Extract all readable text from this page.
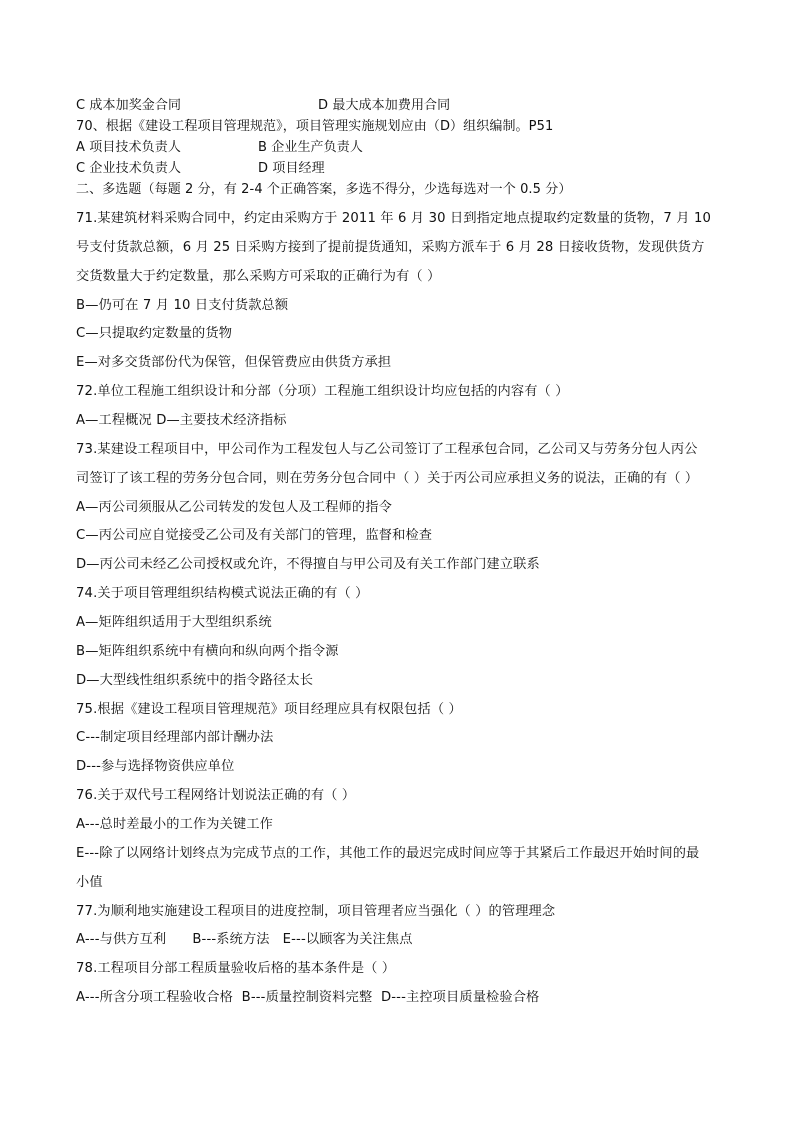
C 成本加奖金合同	D 最大成本加费用合同
70、根据《建设工程项目管理规范》，项目管理实施规划应由（D）组织编制。P51
A 项目技术负责人	B 企业生产负责人
C 企业技术负责人	D 项目经理
二、多选题（每题 2 分，有 2-4 个正确答案，多选不得分，少选每选对一个 0.5 分）
71.某建筑材料采购合同中，约定由采购方于 2011 年 6 月 30 日到指定地点提取约定数量的货物，7 月 10
号支付货款总额，6 月 25 日采购方接到了提前提货通知，采购方派车于 6 月 28 日接收货物，发现供货方
交货数量大于约定数量，那么采购方可采取的正确行为有（ ）
B—仍可在 7 月 10 日支付货款总额
C—只提取约定数量的货物
E—对多交货部份代为保管，但保管费应由供货方承担
72.单位工程施工组织设计和分部（分项）工程施工组织设计均应包括的内容有（ ）
A—工程概况 D—主要技术经济指标
73.某建设工程项目中，甲公司作为工程发包人与乙公司签订了工程承包合同，乙公司又与劳务分包人丙公
司签订了该工程的劳务分包合同，则在劳务分包合同中（ ）关于丙公司应承担义务的说法，正确的有（ ）
A—丙公司须服从乙公司转发的发包人及工程师的指令
C—丙公司应自觉接受乙公司及有关部门的管理，监督和检查
D—丙公司未经乙公司授权或允许，不得擅自与甲公司及有关工作部门建立联系
74.关于项目管理组织结构模式说法正确的有（ ）
A—矩阵组织适用于大型组织系统
B—矩阵组织系统中有横向和纵向两个指令源
D—大型线性组织系统中的指令路径太长
75.根据《建设工程项目管理规范》项目经理应具有权限包括（ ）
C---制定项目经理部内部计酬办法
D---参与选择物资供应单位
76.关于双代号工程网络计划说法正确的有（ ）
A---总时差最小的工作为关键工作
E---除了以网络计划终点为完成节点的工作，其他工作的最迟完成时间应等于其紧后工作最迟开始时间的最
小值
77.为顺利地实施建设工程项目的进度控制，项目管理者应当强化（ ）的管理理念
A---与供方互利      B---系统方法   E---以顾客为关注焦点
78.工程项目分部工程质量验收后格的基本条件是（ ）
A---所含分项工程验收合格  B---质量控制资料完整  D---主控项目质量检验合格
